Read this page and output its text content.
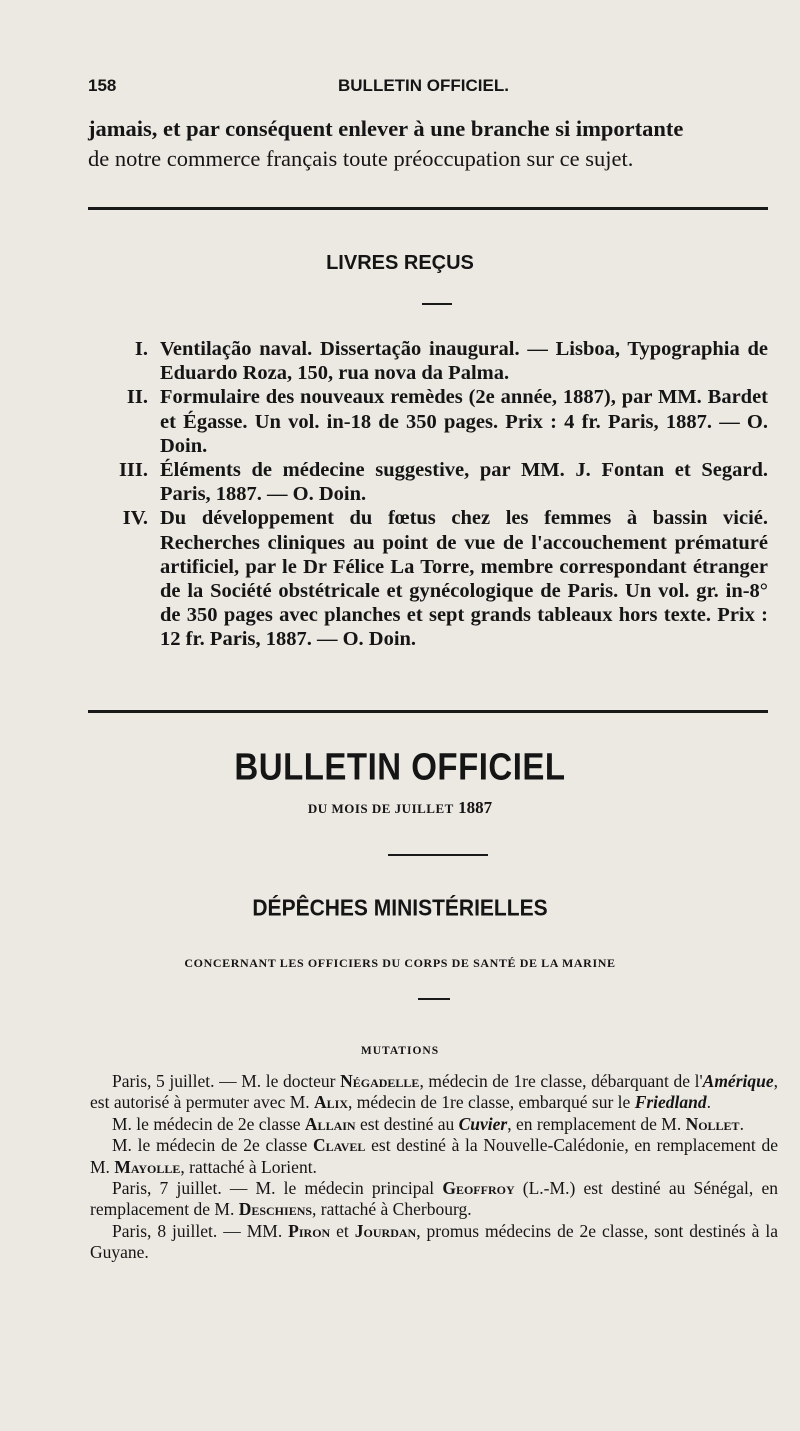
158	BULLETIN OFFICIEL.
jamais, et par conséquent enlever à une branche si importante
de notre commerce français toute préoccupation sur ce sujet.
LIVRES REÇUS
I. Ventilação naval. Dissertação inaugural. — Lisboa, Typographia de Eduardo Roza, 150, rua nova da Palma.
II. Formulaire des nouveaux remèdes (2e année, 1887), par MM. Bardet et Égasse. Un vol. in-18 de 350 pages. Prix : 4 fr. Paris, 1887. — O. Doin.
III. Éléments de médecine suggestive, par MM. J. Fontan et Segard. Paris, 1887. — O. Doin.
IV. Du développement du fœtus chez les femmes à bassin vicié. Recherches cliniques au point de vue de l'accouchement prématuré artificiel, par le Dr Félice La Torre, membre correspondant étranger de la Société obstétricale et gynécologique de Paris. Un vol. gr. in-8° de 350 pages avec planches et sept grands tableaux hors texte. Prix : 12 fr. Paris, 1887. — O. Doin.
BULLETIN OFFICIEL
DU MOIS DE JUILLET 1887
DÉPÊCHES MINISTÉRIELLES
CONCERNANT LES OFFICIERS DU CORPS DE SANTÉ DE LA MARINE
MUTATIONS

Paris, 5 juillet. — M. le docteur Négadelle, médecin de 1re classe, débarquant de l'Amérique, est autorisé à permuter avec M. Alix, médecin de 1re classe, embarqué sur le Friedland.

M. le médecin de 2e classe Allain est destiné au Cuvier, en remplacement de M. Nollet.

M. le médecin de 2e classe Clavel est destiné à la Nouvelle-Calédonie, en remplacement de M. Mayolle, rattaché à Lorient.

Paris, 7 juillet. — M. le médecin principal Geoffroy (L.-M.) est destiné au Sénégal, en remplacement de M. Deschiens, rattaché à Cherbourg.

Paris, 8 juillet. — MM. Piron et Jourdan, promus médecins de 2e classe, sont destinés à la Guyane.
